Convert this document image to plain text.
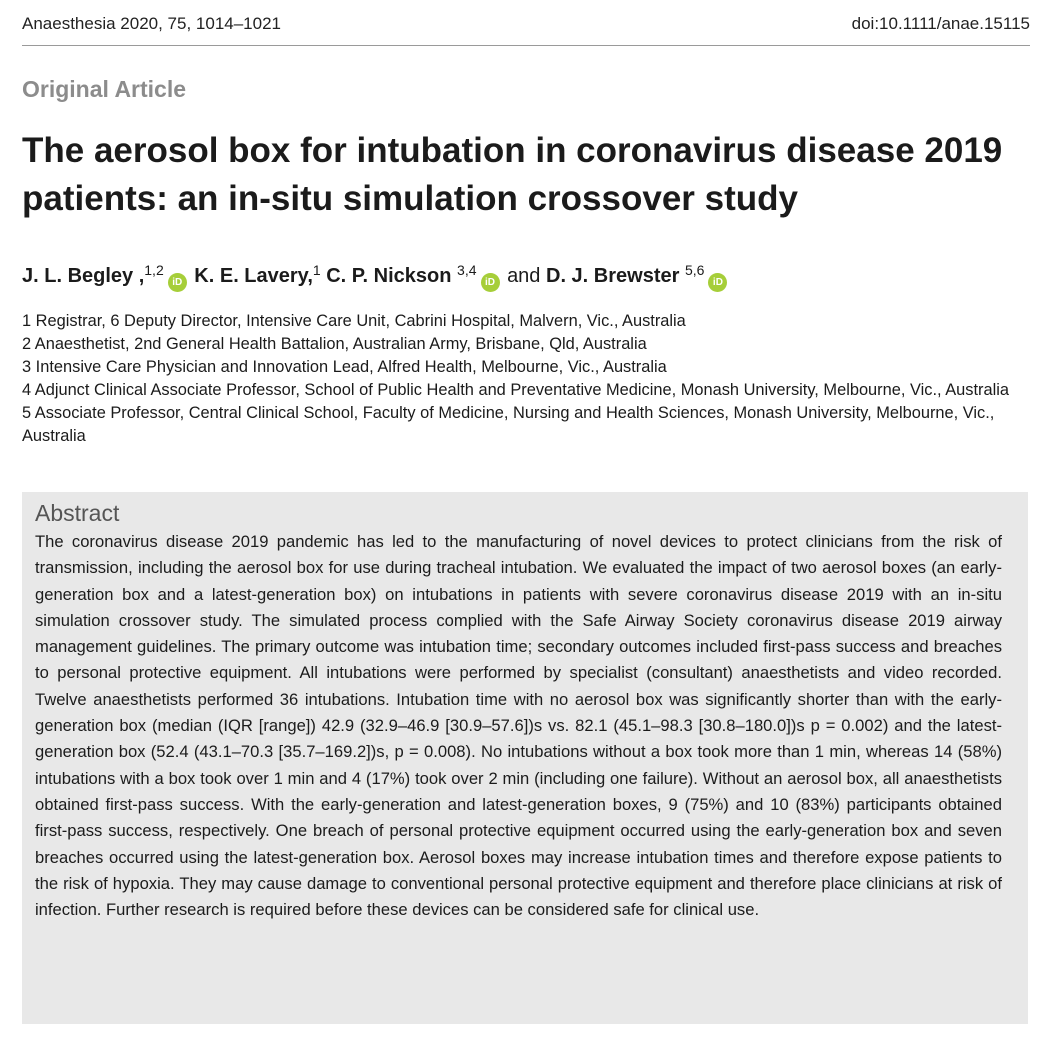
Anaesthesia 2020, 75, 1014–1021	doi:10.1111/anae.15115
Original Article
The aerosol box for intubation in coronavirus disease 2019 patients: an in-situ simulation crossover study
J. L. Begley ,$^{1,2}$iD K. E. Lavery,$^1$ C. P. Nickson $^{3,4}$iD and D. J. Brewster $^{5,6}$iD
1 Registrar, 6 Deputy Director, Intensive Care Unit, Cabrini Hospital, Malvern, Vic., Australia
2 Anaesthetist, 2nd General Health Battalion, Australian Army, Brisbane, Qld, Australia
3 Intensive Care Physician and Innovation Lead, Alfred Health, Melbourne, Vic., Australia
4 Adjunct Clinical Associate Professor, School of Public Health and Preventative Medicine, Monash University, Melbourne, Vic., Australia
5 Associate Professor, Central Clinical School, Faculty of Medicine, Nursing and Health Sciences, Monash University, Melbourne, Vic., Australia
Abstract

The coronavirus disease 2019 pandemic has led to the manufacturing of novel devices to protect clinicians from the risk of transmission, including the aerosol box for use during tracheal intubation. We evaluated the impact of two aerosol boxes (an early-generation box and a latest-generation box) on intubations in patients with severe coronavirus disease 2019 with an in-situ simulation crossover study. The simulated process complied with the Safe Airway Society coronavirus disease 2019 airway management guidelines. The primary outcome was intubation time; secondary outcomes included first-pass success and breaches to personal protective equipment. All intubations were performed by specialist (consultant) anaesthetists and video recorded. Twelve anaesthetists performed 36 intubations. Intubation time with no aerosol box was significantly shorter than with the early-generation box (median (IQR [range]) 42.9 (32.9–46.9 [30.9–57.6])s vs. 82.1 (45.1–98.3 [30.8–180.0])s p = 0.002) and the latest-generation box (52.4 (43.1–70.3 [35.7–169.2])s, p = 0.008). No intubations without a box took more than 1 min, whereas 14 (58%) intubations with a box took over 1 min and 4 (17%) took over 2 min (including one failure). Without an aerosol box, all anaesthetists obtained first-pass success. With the early-generation and latest-generation boxes, 9 (75%) and 10 (83%) participants obtained first-pass success, respectively. One breach of personal protective equipment occurred using the early-generation box and seven breaches occurred using the latest-generation box. Aerosol boxes may increase intubation times and therefore expose patients to the risk of hypoxia. They may cause damage to conventional personal protective equipment and therefore place clinicians at risk of infection. Further research is required before these devices can be considered safe for clinical use.
